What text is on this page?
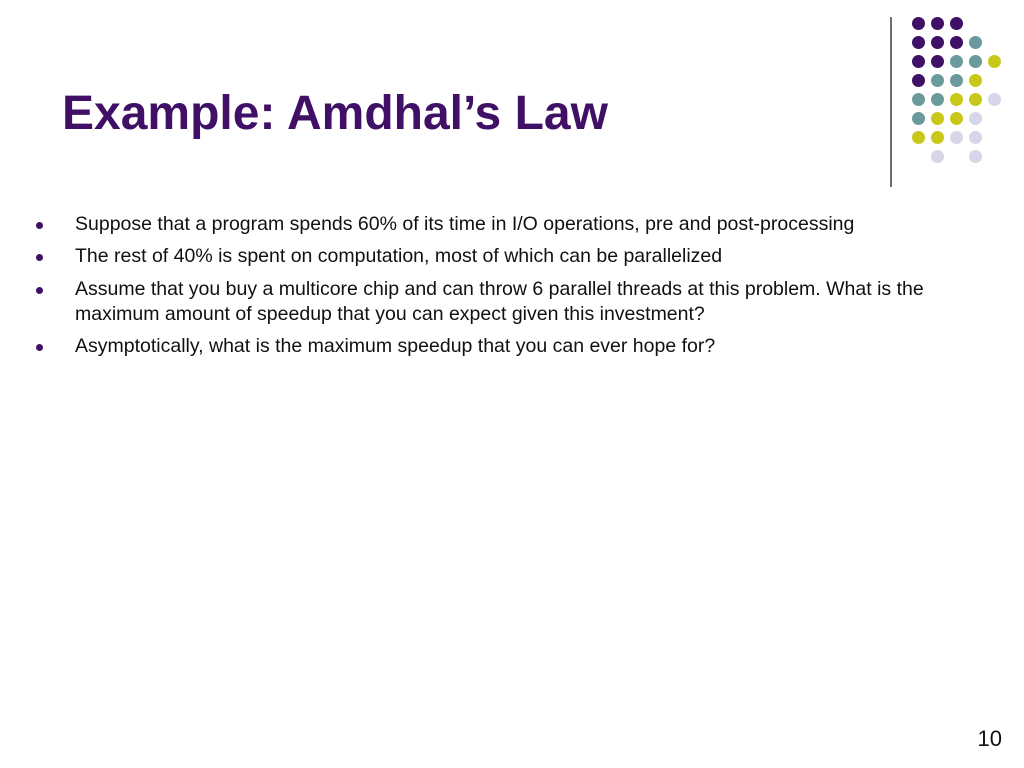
Example: Amdhal’s Law
Suppose that a program spends 60% of its time in I/O operations, pre and post-processing
The rest of 40% is spent on computation, most of which can be parallelized
Assume that you buy a multicore chip and can throw 6 parallel threads at this problem. What is the maximum amount of speedup that you can expect given this investment?
Asymptotically, what is the maximum speedup that you can ever hope for?
10
